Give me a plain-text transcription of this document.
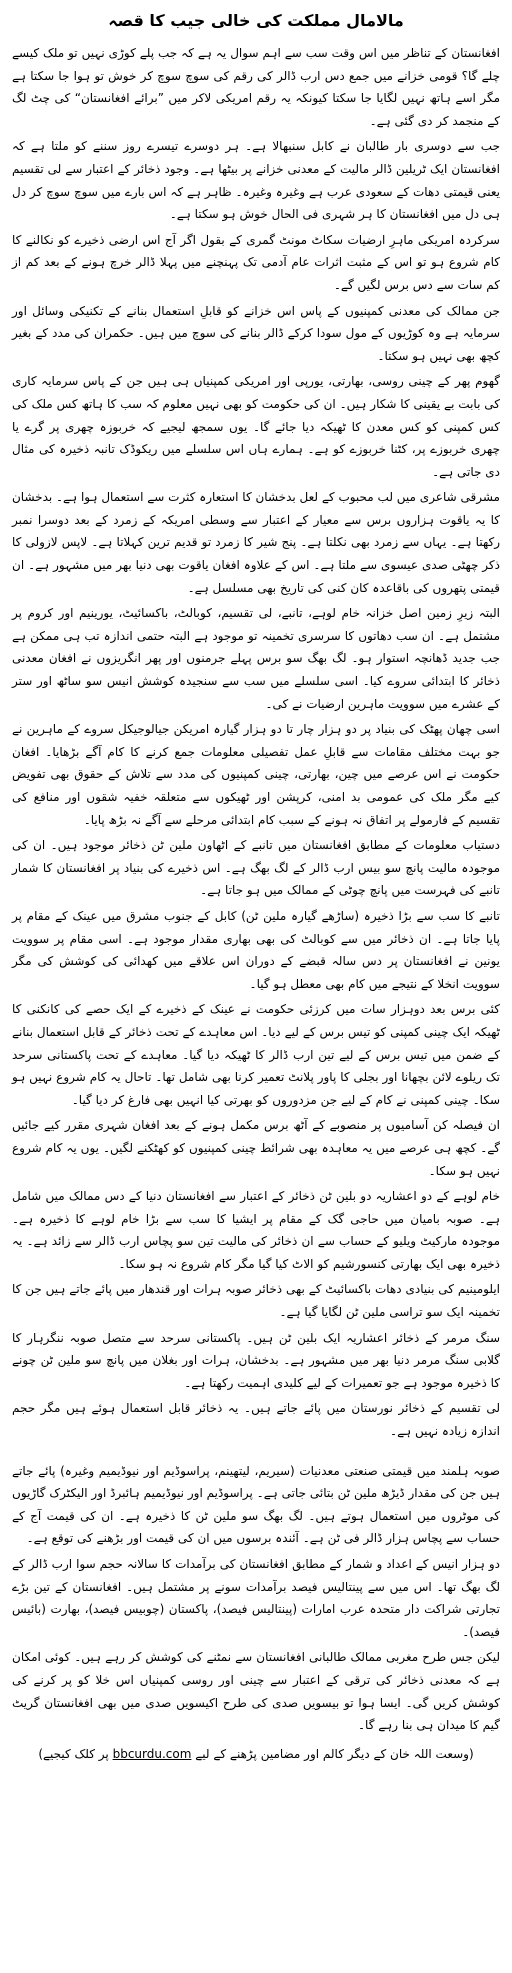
مالامال مملکت کی خالی جیب کا قصہ

افغانستان کے تناظر میں اس وقت سب سے اہم سوال یہ ہے کہ جب پلے کوڑی نہیں تو ملک کیسے چلے گا؟ قومی خزانے میں جمع دس ارب ڈالر کی رقم کی سوچ سوچ کر خوش تو ہوا جا سکتا ہے مگر اسے ہاتھ نہیں لگایا جا سکتا کیونکہ یہ رقم امریکی لاکر میں ”برائے افغانستان“ کی چٹ لگ کے منجمد کر دی گئی ہے۔

جب سے دوسری بار طالبان نے کابل سنبھالا ہے۔ ہر دوسرے تیسرے روز سننے کو ملتا ہے کہ افغانستان ایک ٹریلین ڈالر مالیت کے معدنی خزانے پر بیٹھا ہے۔ وجود ذخائر کے اعتبار سے لی تقسیم یعنی قیمتی دھات کے سعودی عرب ہے وغیرہ وغیرہ۔ ظاہر ہے کہ اس بارے میں سوچ سوچ کر دل ہی دل میں افغانستان کا ہر شہری فی الحال خوش ہو سکتا ہے۔

سرکردہ امریکی ماہرِ ارضیات سکاٹ مونٹ گمری کے بقول اگر آج اس ارضی ذخیرے کو نکالنے کا کام شروع ہو تو اس کے مثبت اثرات عام آدمی تک پہنچنے میں پہلا ڈالر خرچ ہونے کے بعد کم از کم سات سے دس برس لگیں گے۔

جن ممالک کی معدنی کمپنیوں کے پاس اس خزانے کو قابلِ استعمال بنانے کے تکنیکی وسائل اور سرمایہ ہے وہ کوڑیوں کے مول سودا کرکے ڈالر بنانے کی سوچ میں ہیں۔ حکمران کی مدد کے بغیر کچھ بھی نہیں ہو سکتا۔

گھوم پھر کے چینی روسی، بھارتی، یورپی اور امریکی کمپنیاں ہی ہیں جن کے پاس سرمایہ کاری کی بابت بے یقینی کا شکار ہیں۔ ان کی حکومت کو بھی نہیں معلوم کہ سب کا ہاتھ کس ملک کی کس کمپنی کو کس معدن کا ٹھیکہ دیا جائے گا۔ یوں سمجھ لیجیے کہ خربوزہ چھری پر گرے یا چھری خربوزے پر، کٹنا خربوزے کو ہے۔ ہمارے ہاں اس سلسلے میں ریکوڈک تانبہ ذخیرہ کی مثال دی جاتی ہے۔

مشرقی شاعری میں لب محبوب کے لعل بدخشان کا استعارہ کثرت سے استعمال ہوا ہے۔ بدخشان کا یہ یاقوت ہزاروں برس سے معیار کے اعتبار سے وسطی امریکہ کے زمرد کے بعد دوسرا نمبر رکھتا ہے۔ یہاں سے زمرد بھی نکلتا ہے۔ پنج شیر کا زمرد تو قدیم ترین کہلاتا ہے۔ لاپس لازولی کا ذکر چھٹی صدی عیسوی سے ملتا ہے۔ اس کے علاوہ افغان یاقوت بھی دنیا بھر میں مشہور ہے۔ ان قیمتی پتھروں کی باقاعدہ کان کنی کی تاریخ بھی مسلسل ہے۔

البتہ زیرِ زمین اصل خزانہ خام لوہے، تانبے، لی تقسیم، کوبالٹ، باکسائیٹ، یورینیم اور کروم پر مشتمل ہے۔ ان سب دھاتوں کا سرسری تخمینہ تو موجود ہے البتہ حتمی اندازہ تب ہی ممکن ہے جب جدید ڈھانچہ استوار ہو۔ لگ بھگ سو برس پہلے جرمنوں اور پھر انگریزوں نے افغان معدنی ذخائر کا ابتدائی سروے کیا۔ اسی سلسلے میں سب سے سنجیدہ کوشش انیس سو ساٹھ اور ستر کے عشرے میں سوویت ماہرین ارضیات نے کی۔

اسی چھان پھٹک کی بنیاد پر دو ہزار چار تا دو ہزار گیارہ امریکن جیالوجیکل سروے کے ماہرین نے جو بہت مختلف مقامات سے قابلِ عمل تفصیلی معلومات جمع کرنے کا کام آگے بڑھایا۔ افغان حکومت نے اس عرصے میں چین، بھارتی، چینی کمپنیوں کی مدد سے تلاش کے حقوق بھی تفویض کیے مگر ملک کی عمومی بد امنی، کرپشن اور ٹھیکوں سے متعلقہ خفیہ شقوں اور منافع کی تقسیم کے فارمولے پر اتفاق نہ ہونے کے سبب کام ابتدائی مرحلے سے آگے نہ بڑھ پایا۔

دستیاب معلومات کے مطابق افغانستان میں تانبے کے اٹھاون ملین ٹن ذخائر موجود ہیں۔ ان کی موجودہ مالیت پانچ سو بیس ارب ڈالر کے لگ بھگ ہے۔ اس ذخیرے کی بنیاد پر افغانستان کا شمار تانبے کی فہرست میں پانچ چوٹی کے ممالک میں ہو جاتا ہے۔

تانبے کا سب سے بڑا ذخیرہ (ساڑھے گیارہ ملین ٹن) کابل کے جنوب مشرق میں عینک کے مقام پر پایا جاتا ہے۔ ان ذخائر میں سے کوبالٹ کی بھی بھاری مقدار موجود ہے۔ اسی مقام پر سوویت یونین نے افغانستان پر دس سالہ قبضے کے دوران اس علاقے میں کھدائی کی کوشش کی مگر سوویت انخلا کے نتیجے میں کام بھی معطل ہو گیا۔

کئی برس بعد دوہزار سات میں کرزئی حکومت نے عینک کے ذخیرے کے ایک حصے کی کانکنی کا ٹھیکہ ایک چینی کمپنی کو تیس برس کے لیے دیا۔ اس معاہدے کے تحت ذخائر کے قابل استعمال بنانے کے ضمن میں تیس برس کے لیے تین ارب ڈالر کا ٹھیکہ دیا گیا۔ معاہدے کے تحت پاکستانی سرحد تک ریلوے لائن بچھانا اور بجلی کا پاور پلانٹ تعمیر کرنا بھی شامل تھا۔ تاحال یہ کام شروع نہیں ہو سکا۔ چینی کمپنی نے کام کے لیے جن مزدوروں کو بھرتی کیا انہیں بھی فارغ کر دیا گیا۔

ان فیصلہ کن آسامیوں پر منصوبے کے آٹھ برس مکمل ہونے کے بعد افغان شہری مقرر کیے جائیں گے۔ کچھ ہی عرصے میں یہ معاہدہ بھی شرائط چینی کمپنیوں کو کھٹکنے لگیں۔ یوں یہ کام شروع نہیں ہو سکا۔

خام لوہے کے دو اعشاریہ دو بلین ٹن ذخائر کے اعتبار سے افغانستان دنیا کے دس ممالک میں شامل ہے۔ صوبہ بامیان میں حاجی گک کے مقام پر ایشیا کا سب سے بڑا خام لوہے کا ذخیرہ ہے۔ موجودہ مارکیٹ ویلیو کے حساب سے ان ذخائر کی مالیت تین سو پچاس ارب ڈالر سے زائد ہے۔ یہ ذخیرہ بھی ایک بھارتی کنسورشیم کو الاٹ کیا گیا مگر کام شروع نہ ہو سکا۔

ایلومینیم کی بنیادی دھات باکسائیٹ کے بھی ذخائر صوبہ ہرات اور قندھار میں پائے جاتے ہیں جن کا تخمینہ ایک سو تراسی ملین ٹن لگایا گیا ہے۔

سنگ مرمر کے ذخائر اعشاریہ ایک بلین ٹن ہیں۔ پاکستانی سرحد سے متصل صوبہ ننگرہار کا گلابی سنگ مرمر دنیا بھر میں مشہور ہے۔ بدخشان، ہرات اور بغلان میں پانچ سو ملین ٹن چونے کا ذخیرہ موجود ہے جو تعمیرات کے لیے کلیدی اہمیت رکھتا ہے۔

لی تقسیم کے ذخائر نورستان میں پائے جاتے ہیں۔ یہ ذخائر قابل استعمال ہوئے ہیں مگر حجم اندازہ زیادہ نہیں ہے۔

صوبہ ہلمند میں قیمتی صنعتی معدنیات (سیریم، لیتھینم، پراسوڈیم اور نیوڈیمیم وغیرہ) پائے جاتے ہیں جن کی مقدار ڈیڑھ ملین ٹن بتائی جاتی ہے۔ پراسوڈیم اور نیوڈیمیم ہائبرڈ اور الیکٹرک گاڑیوں کی موٹروں میں استعمال ہوتے ہیں۔ لگ بھگ سو ملین ٹن کا ذخیرہ ہے۔ ان کی قیمت آج کے حساب سے پچاس ہزار ڈالر فی ٹن ہے۔ آئندہ برسوں میں ان کی قیمت اور بڑھنے کی توقع ہے۔

دو ہزار انیس کے اعداد و شمار کے مطابق افغانستان کی برآمدات کا سالانہ حجم سوا ارب ڈالر کے لگ بھگ تھا۔ اس میں سے پینتالیس فیصد برآمدات سونے پر مشتمل ہیں۔ افغانستان کے تین بڑے تجارتی شراکت دار متحدہ عرب امارات (پینتالیس فیصد)، پاکستان (چوبیس فیصد)، بھارت (بائیس فیصد)۔

لیکن جس طرح مغربی ممالک طالبانی افغانستان سے نمٹنے کی کوشش کر رہے ہیں۔ کوئی امکان ہے کہ معدنی ذخائر کی ترقی کے اعتبار سے چینی اور روسی کمپنیاں اس خلا کو پر کرنے کی کوشش کریں گی۔ ایسا ہوا تو بیسویں صدی کی طرح اکیسویں صدی میں بھی افغانستان گریٹ گیم کا میدان ہی بنا رہے گا۔

(وسعت اللہ خان کے دیگر کالم اور مضامین پڑھنے کے لیے bbcurdu.com پر کلک کیجیے)
